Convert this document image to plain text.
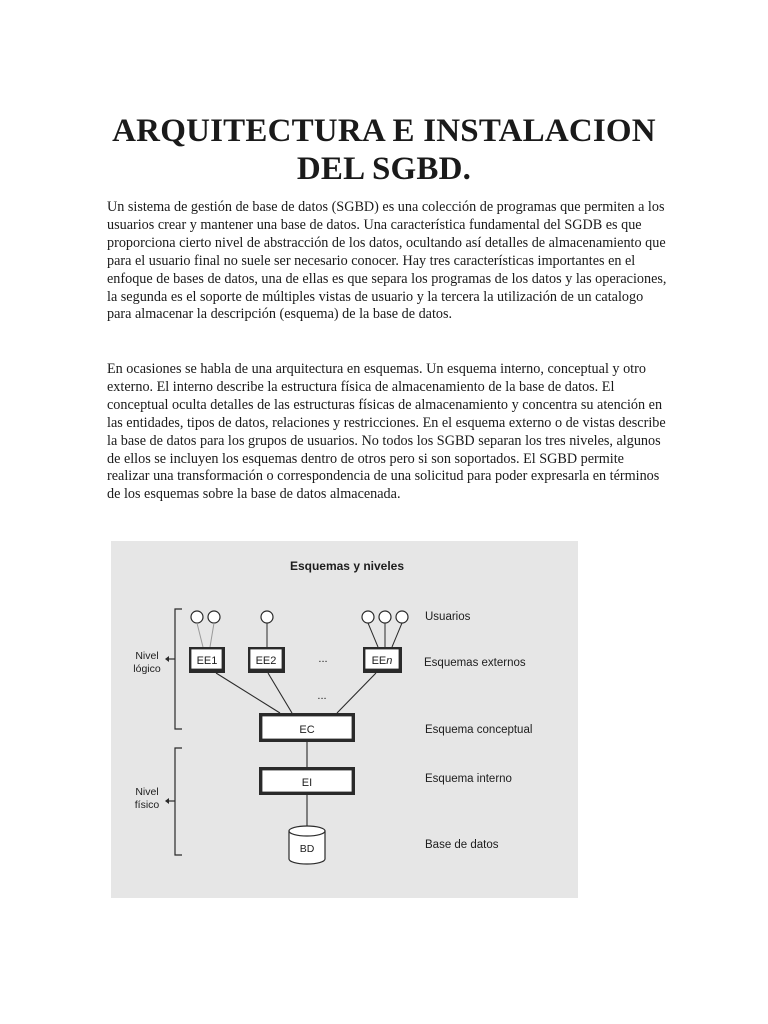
ARQUITECTURA E INSTALACION
DEL SGBD.

Un sistema de gestión de base de datos (SGBD) es una colección de programas que permiten a los usuarios crear y mantener una base de datos. Una característica fundamental del SGDB es que proporciona cierto nivel de abstracción de los datos, ocultando así detalles de almacenamiento que para el usuario final no suele ser necesario conocer. Hay tres características importantes en el enfoque de bases de datos, una de ellas es que separa los programas de los datos y las operaciones, la segunda es el soporte de múltiples vistas de usuario y la tercera la utilización de un catalogo para almacenar la descripción (esquema) de la base de datos.

En ocasiones se habla de una arquitectura en esquemas. Un esquema interno, conceptual y otro externo. El interno describe la estructura física de almacenamiento de la base de datos. El conceptual oculta detalles de las estructuras físicas de almacenamiento y concentra su atención en las entidades, tipos de datos, relaciones y restricciones. En el esquema externo o de vistas describe la base de datos para los grupos de usuarios. No todos los SGBD separan los tres niveles, algunos de ellos se incluyen los esquemas dentro de otros pero si son soportados. El SGBD permite realizar una transformación o correspondencia de una solicitud para poder expresarla en términos de los esquemas sobre la base de datos almacenada.

Esquemas y niveles
Nivel
lógico
Nivel
físico
EE1	EE2	...	EEn
Usuarios
Esquemas externos
Esquema conceptual
Esquema interno
Base de datos
...
EC
EI
BD
